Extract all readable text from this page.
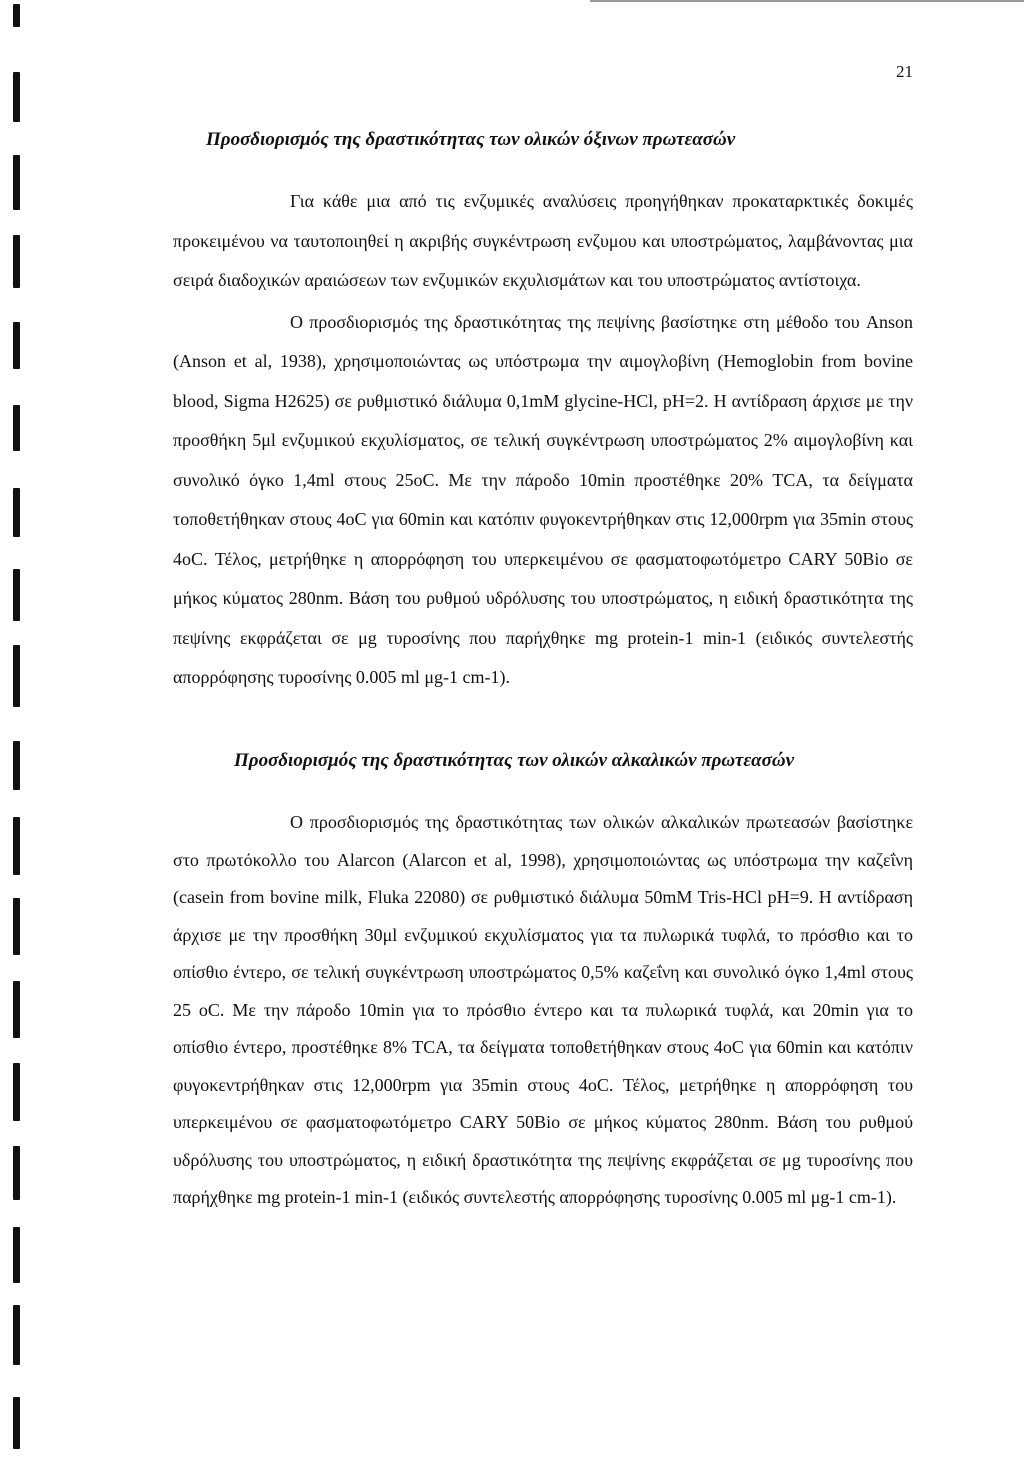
21
Προσδιορισμός της δραστικότητας των ολικών όξινων πρωτεασών

Για κάθε μια από τις ενζυμικές αναλύσεις προηγήθηκαν προκαταρκτικές δοκιμές προκειμένου να ταυτοποιηθεί η ακριβής συγκέντρωση ενζυμου και υποστρώματος, λαμβάνοντας μια σειρά διαδοχικών αραιώσεων των ενζυμικών εκχυλισμάτων και του υποστρώματος αντίστοιχα.

Ο προσδιορισμός της δραστικότητας της πεψίνης βασίστηκε στη μέθοδο του Anson (Anson et al, 1938), χρησιμοποιώντας ως υπόστρωμα την αιμογλοβίνη (Hemoglobin from bovine blood, Sigma H2625) σε ρυθμιστικό διάλυμα 0,1mM glycine-HCl, pH=2. Η αντίδραση άρχισε με την προσθήκη 5μl ενζυμικού εκχυλίσματος, σε τελική συγκέντρωση υποστρώματος 2% αιμογλοβίνη και συνολικό όγκο 1,4ml στους 25oC. Με την πάροδο 10min προστέθηκε 20% TCA, τα δείγματα τοποθετήθηκαν στους 4oC για 60min και κατόπιν φυγοκεντρήθηκαν στις 12,000rpm για 35min στους 4oC. Τέλος, μετρήθηκε η απορρόφηση του υπερκειμένου σε φασματοφωτόμετρο CARY 50Bio σε μήκος κύματος 280nm. Βάση του ρυθμού υδρόλυσης του υποστρώματος, η ειδική δραστικότητα της πεψίνης εκφράζεται σε μg τυροσίνης που παρήχθηκε mg protein-1 min-1 (ειδικός συντελεστής απορρόφησης τυροσίνης 0.005 ml μg-1 cm-1).

Προσδιορισμός της δραστικότητας των ολικών αλκαλικών πρωτεασών

Ο προσδιορισμός της δραστικότητας των ολικών αλκαλικών πρωτεασών βασίστηκε στο πρωτόκολλο του Alarcon (Alarcon et al, 1998), χρησιμοποιώντας ως υπόστρωμα την καζεΐνη (casein from bovine milk, Fluka 22080) σε ρυθμιστικό διάλυμα 50mM Tris-HCl pH=9. Η αντίδραση άρχισε με την προσθήκη 30μl ενζυμικού εκχυλίσματος για τα πυλωρικά τυφλά, το πρόσθιο και το οπίσθιο έντερο, σε τελική συγκέντρωση υποστρώματος 0,5% καζεΐνη και συνολικό όγκο 1,4ml στους 25 oC. Με την πάροδο 10min για το πρόσθιο έντερο και τα πυλωρικά τυφλά, και 20min για το οπίσθιο έντερο, προστέθηκε 8% TCA, τα δείγματα τοποθετήθηκαν στους 4oC για 60min και κατόπιν φυγοκεντρήθηκαν στις 12,000rpm για 35min στους 4oC. Τέλος, μετρήθηκε η απορρόφηση του υπερκειμένου σε φασματοφωτόμετρο CARY 50Bio σε μήκος κύματος 280nm. Βάση του ρυθμού υδρόλυσης του υποστρώματος, η ειδική δραστικότητα της πεψίνης εκφράζεται σε μg τυροσίνης που παρήχθηκε mg protein-1 min-1 (ειδικός συντελεστής απορρόφησης τυροσίνης 0.005 ml μg-1 cm-1).
